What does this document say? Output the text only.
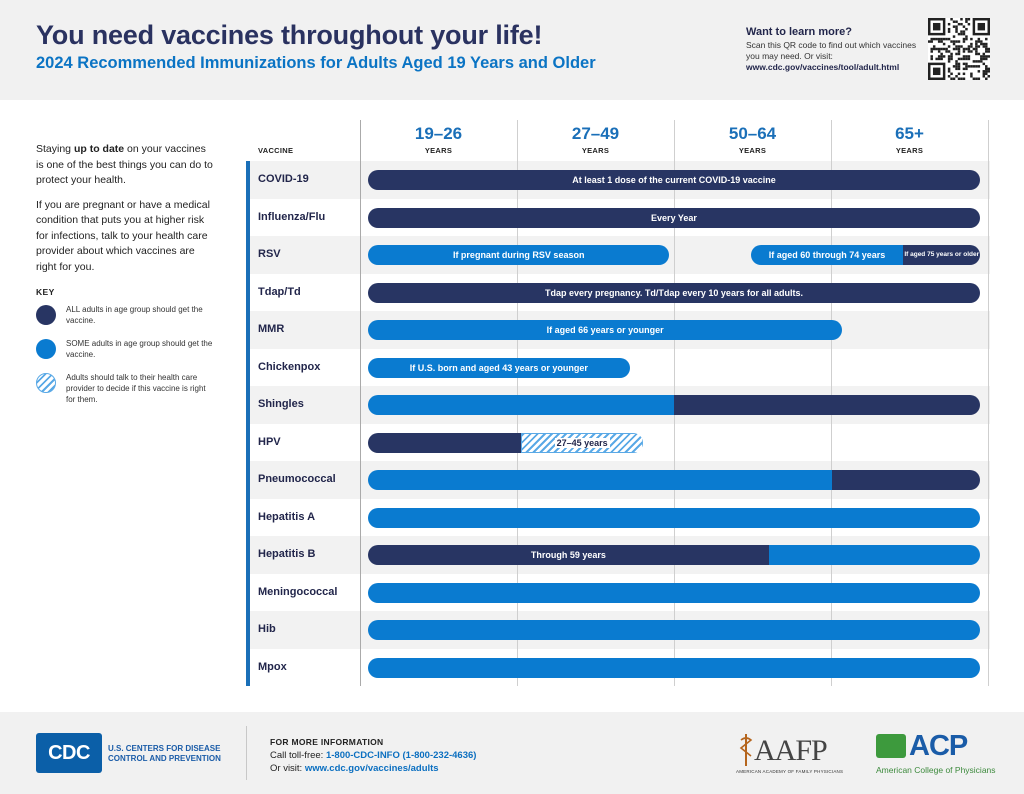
You need vaccines throughout your life!
2024 Recommended Immunizations for Adults Aged 19 Years and Older
Want to learn more?
Scan this QR code to find out which vaccines you may need. Or visit:
www.cdc.gov/vaccines/tool/adult.html

Staying up to date on your vaccines is one of the best things you can do to protect your health.

If you are pregnant or have a medical condition that puts you at higher risk for infections, talk to your health care provider about which vaccines are right for you.

KEY
ALL adults in age group should get the vaccine.
SOME adults in age group should get the vaccine.
Adults should talk to their health care provider to decide if this vaccine is right for them.
VACCINE
19–26
YEARS
27–49
YEARS
50–64
YEARS
65+
YEARS
COVID-19	At least 1 dose of the current COVID-19 vaccine
Influenza/Flu	Every Year
RSV	If pregnant during RSV season	If aged 60 through 74 years	If aged 75 years or older
Tdap/Td	Tdap every pregnancy. Td/Tdap every 10 years for all adults.
MMR	If aged 66 years or younger
Chickenpox	If U.S. born and aged 43 years or younger
Shingles
HPV	27–45 years
Pneumococcal
Hepatitis A
Hepatitis B	Through 59 years
Meningococcal
Hib
Mpox
CDC	U.S. CENTERS FOR DISEASE
CONTROL AND PREVENTION
FOR MORE INFORMATION
Call toll-free: 1-800-CDC-INFO (1-800-232-4636)
Or visit: www.cdc.gov/vaccines/adults
AAFP
AMERICAN ACADEMY OF FAMILY PHYSICIANS
ACP
American College of Physicians
